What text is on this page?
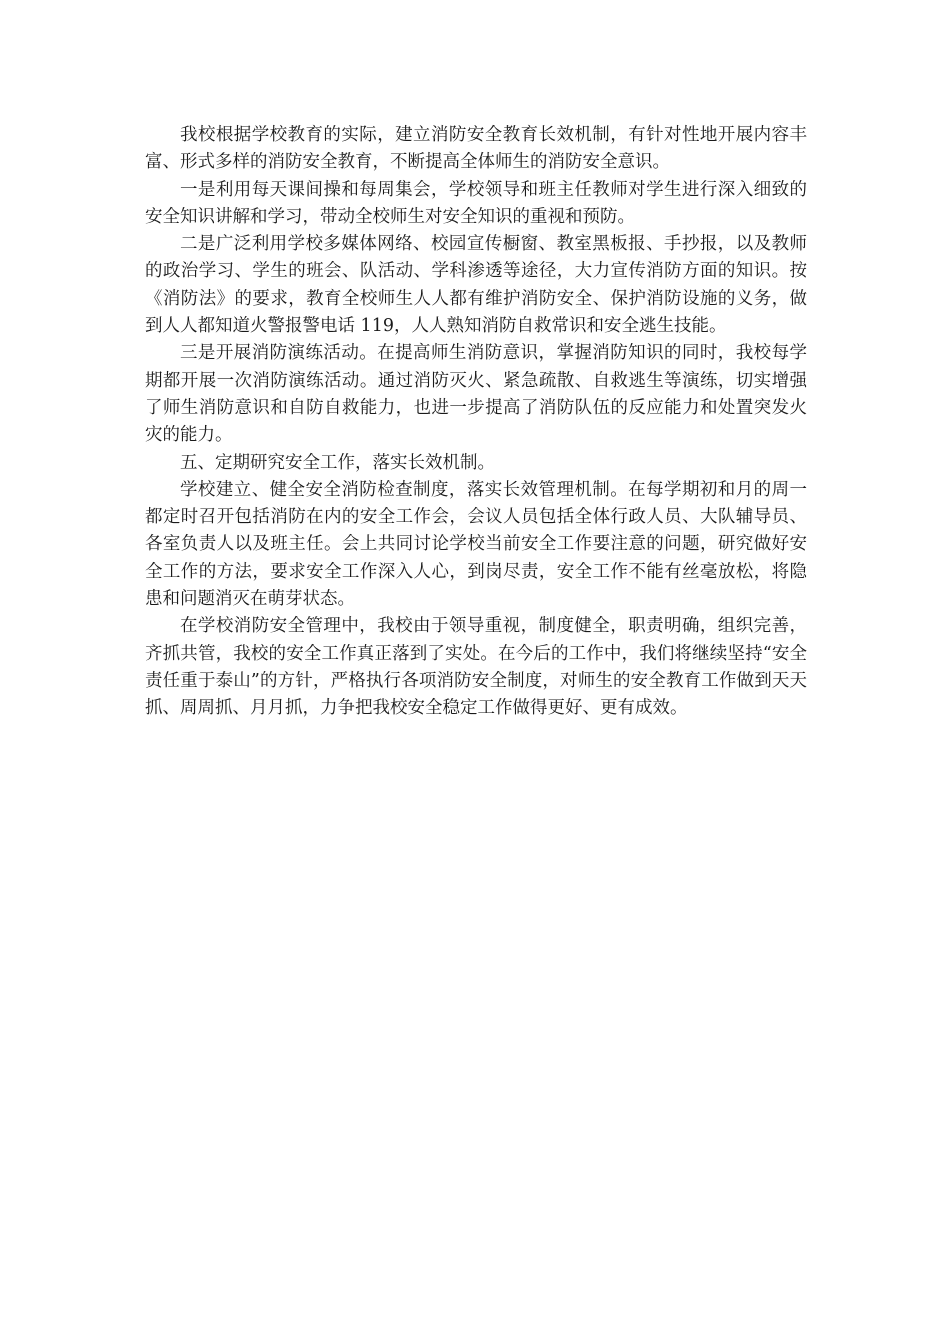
我校根据学校教育的实际，建立消防安全教育长效机制，有针对性地开展内容丰富、形式多样的消防安全教育，不断提高全体师生的消防安全意识。

一是利用每天课间操和每周集会，学校领导和班主任教师对学生进行深入细致的安全知识讲解和学习，带动全校师生对安全知识的重视和预防。

二是广泛利用学校多媒体网络、校园宣传橱窗、教室黑板报、手抄报，以及教师的政治学习、学生的班会、队活动、学科渗透等途径，大力宣传消防方面的知识。按《消防法》的要求，教育全校师生人人都有维护消防安全、保护消防设施的义务，做到人人都知道火警报警电话 119，人人熟知消防自救常识和安全逃生技能。

三是开展消防演练活动。在提高师生消防意识，掌握消防知识的同时，我校每学期都开展一次消防演练活动。通过消防灭火、紧急疏散、自救逃生等演练，切实增强了师生消防意识和自防自救能力，也进一步提高了消防队伍的反应能力和处置突发火灾的能力。

五、定期研究安全工作，落实长效机制。

学校建立、健全安全消防检查制度，落实长效管理机制。在每学期初和月的周一都定时召开包括消防在内的安全工作会，会议人员包括全体行政人员、大队辅导员、各室负责人以及班主任。会上共同讨论学校当前安全工作要注意的问题，研究做好安全工作的方法，要求安全工作深入人心，到岗尽责，安全工作不能有丝毫放松，将隐患和问题消灭在萌芽状态。

在学校消防安全管理中，我校由于领导重视，制度健全，职责明确，组织完善，齐抓共管，我校的安全工作真正落到了实处。在今后的工作中，我们将继续坚持“安全责任重于泰山”的方针，严格执行各项消防安全制度，对师生的安全教育工作做到天天抓、周周抓、月月抓，力争把我校安全稳定工作做得更好、更有成效。
